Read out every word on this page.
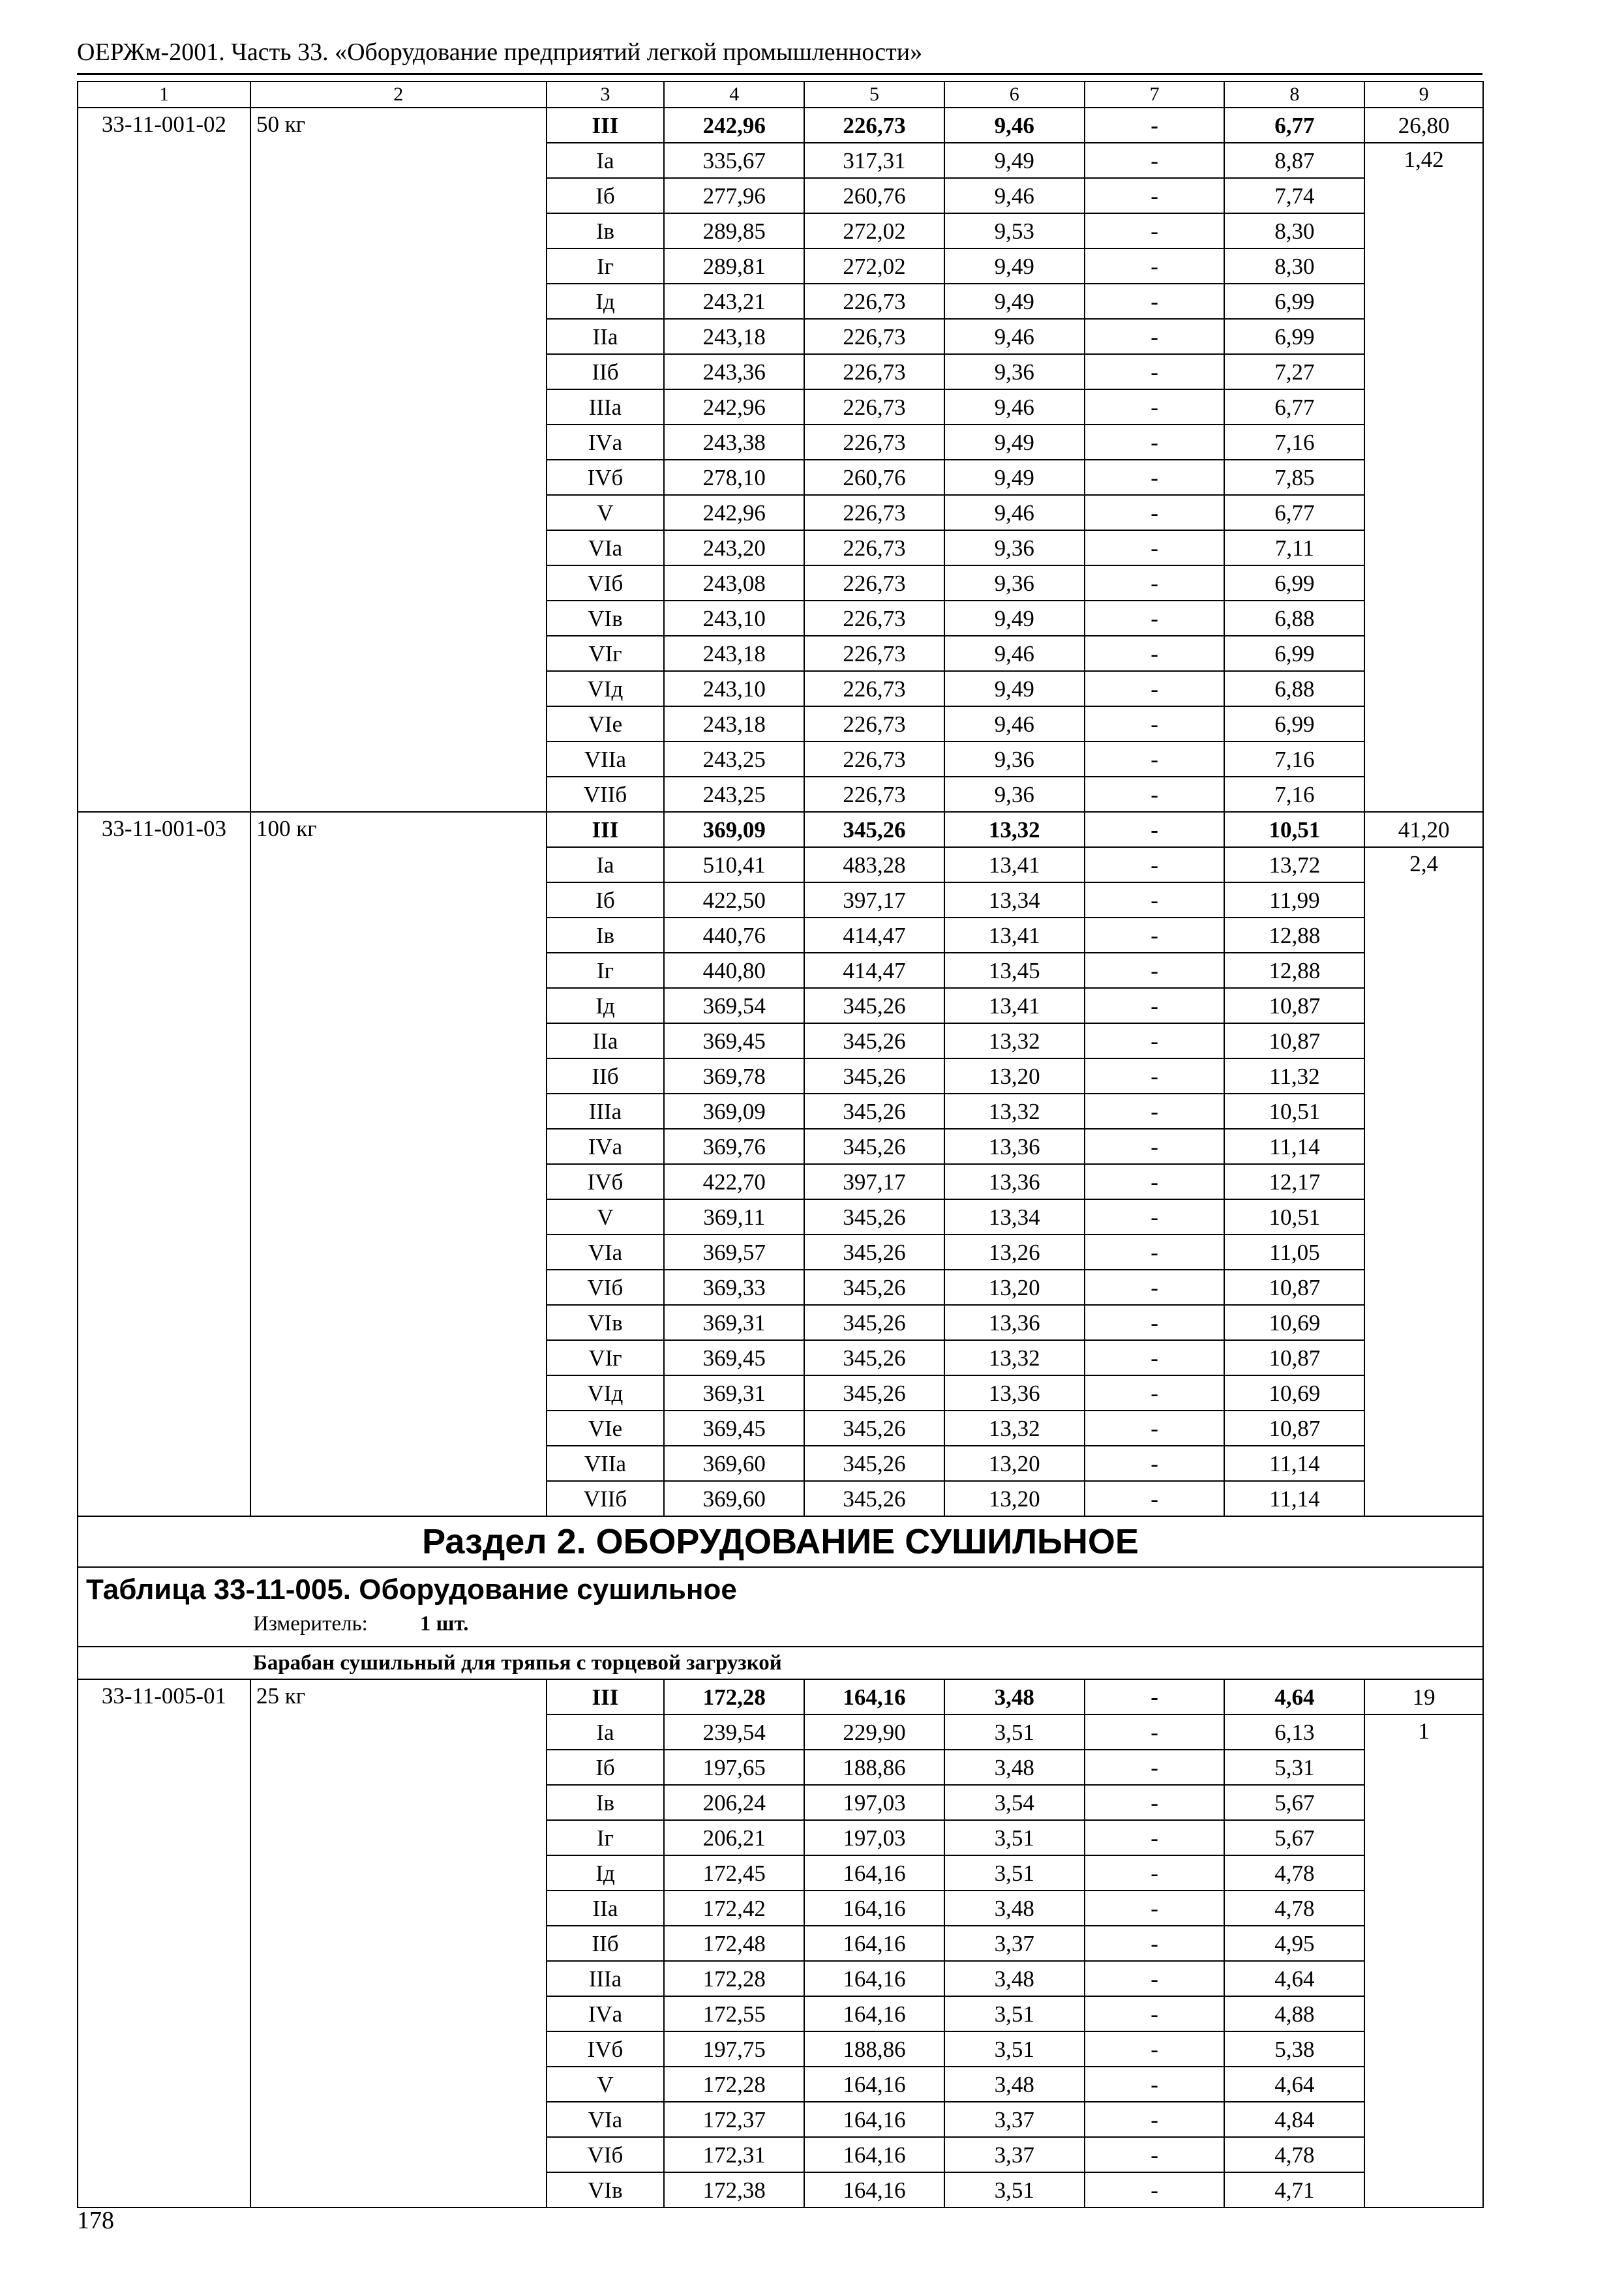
ОЕРЖм-2001. Часть 33. «Оборудование предприятий легкой промышленности»
1	2	3	4	5	6	7	8	9
33-11-001-02	50 кг	III	242,96	226,73	9,46	-	6,77	26,80
		Iа	335,67	317,31	9,49	-	8,87	1,42
		Iб	277,96	260,76	9,46	-	7,74	
		Iв	289,85	272,02	9,53	-	8,30	
		Iг	289,81	272,02	9,49	-	8,30	
		Iд	243,21	226,73	9,49	-	6,99	
		IIа	243,18	226,73	9,46	-	6,99	
		IIб	243,36	226,73	9,36	-	7,27	
		IIIа	242,96	226,73	9,46	-	6,77	
		IVа	243,38	226,73	9,49	-	7,16	
		IVб	278,10	260,76	9,49	-	7,85	
		V	242,96	226,73	9,46	-	6,77	
		VIа	243,20	226,73	9,36	-	7,11	
		VIб	243,08	226,73	9,36	-	6,99	
		VIв	243,10	226,73	9,49	-	6,88	
		VIг	243,18	226,73	9,46	-	6,99	
		VIд	243,10	226,73	9,49	-	6,88	
		VIе	243,18	226,73	9,46	-	6,99	
		VIIа	243,25	226,73	9,36	-	7,16	
		VIIб	243,25	226,73	9,36	-	7,16	
33-11-001-03	100 кг	III	369,09	345,26	13,32	-	10,51	41,20
		Iа	510,41	483,28	13,41	-	13,72	2,4
		Iб	422,50	397,17	13,34	-	11,99	
		Iв	440,76	414,47	13,41	-	12,88	
		Iг	440,80	414,47	13,45	-	12,88	
		Iд	369,54	345,26	13,41	-	10,87	
		IIа	369,45	345,26	13,32	-	10,87	
		IIб	369,78	345,26	13,20	-	11,32	
		IIIа	369,09	345,26	13,32	-	10,51	
		IVа	369,76	345,26	13,36	-	11,14	
		IVб	422,70	397,17	13,36	-	12,17	
		V	369,11	345,26	13,34	-	10,51	
		VIа	369,57	345,26	13,26	-	11,05	
		VIб	369,33	345,26	13,20	-	10,87	
		VIв	369,31	345,26	13,36	-	10,69	
		VIг	369,45	345,26	13,32	-	10,87	
		VIд	369,31	345,26	13,36	-	10,69	
		VIе	369,45	345,26	13,32	-	10,87	
		VIIа	369,60	345,26	13,20	-	11,14	
		VIIб	369,60	345,26	13,20	-	11,14	
Раздел 2. ОБОРУДОВАНИЕ СУШИЛЬНОЕ								

Таблица 33-11-005. Оборудование сушильное
Измеритель: 1 шт.								

Барабан сушильный для тряпья с торцевой загрузкой								
33-11-005-01	25 кг	III	172,28	164,16	3,48	-	4,64	19
		Iа	239,54	229,90	3,51	-	6,13	1
		Iб	197,65	188,86	3,48	-	5,31	
		Iв	206,24	197,03	3,54	-	5,67	
		Iг	206,21	197,03	3,51	-	5,67	
		Iд	172,45	164,16	3,51	-	4,78	
		IIа	172,42	164,16	3,48	-	4,78	
		IIб	172,48	164,16	3,37	-	4,95	
		IIIа	172,28	164,16	3,48	-	4,64	
		IVа	172,55	164,16	3,51	-	4,88	
		IVб	197,75	188,86	3,51	-	5,38	
		V	172,28	164,16	3,48	-	4,64	
		VIа	172,37	164,16	3,37	-	4,84	
		VIб	172,31	164,16	3,37	-	4,78	
		VIв	172,38	164,16	3,51	-	4,71	
178
